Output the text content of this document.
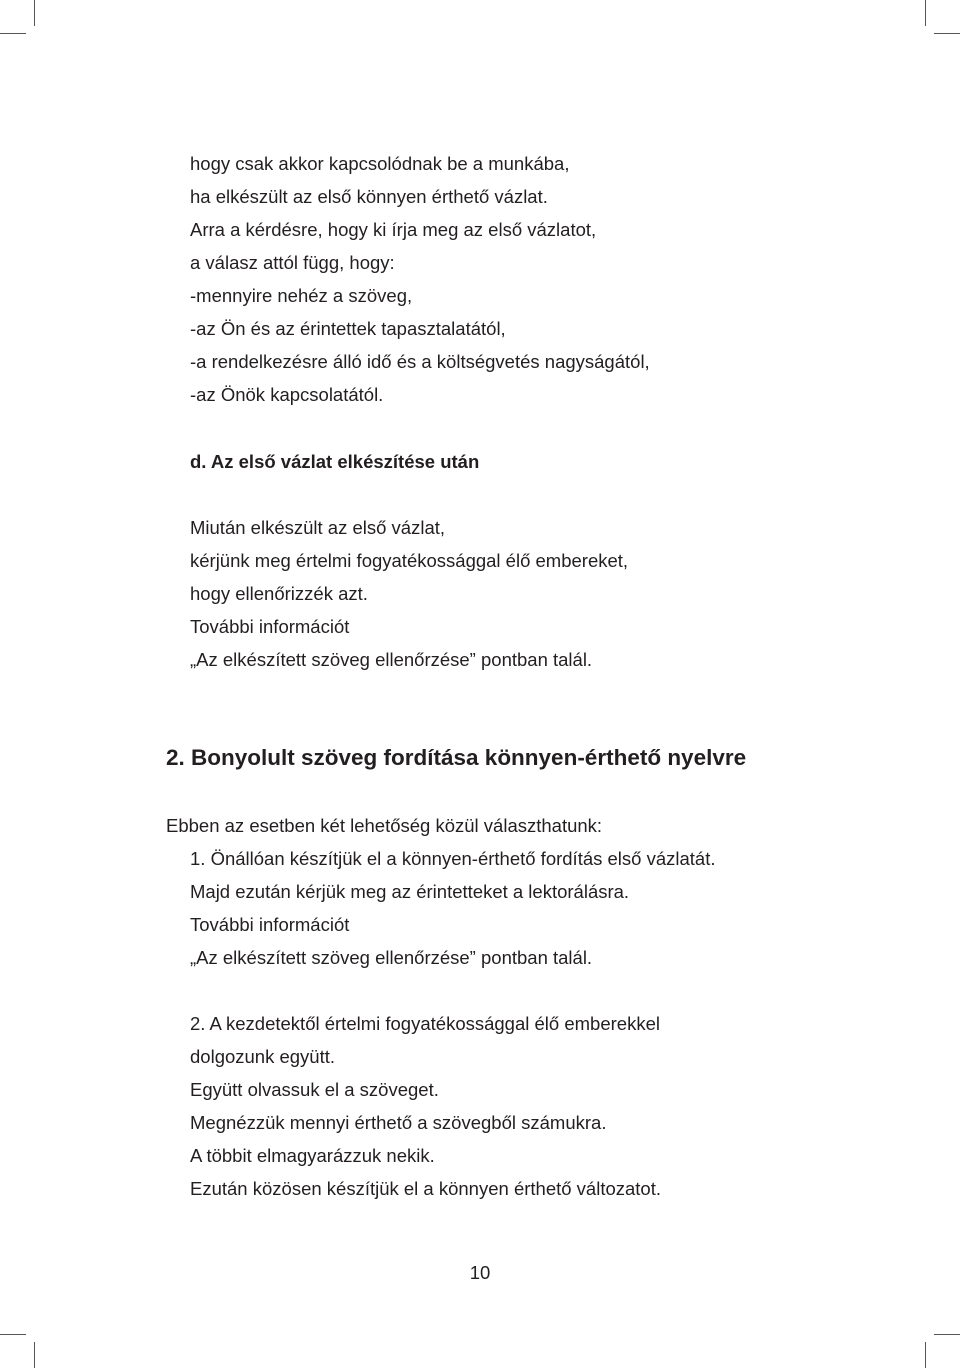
hogy csak akkor kapcsolódnak be a munkába,
ha elkészült az első könnyen érthető vázlat.
Arra a kérdésre, hogy ki írja meg az első vázlatot,
a válasz attól függ, hogy:
-mennyire nehéz a szöveg,
-az Ön és az érintettek tapasztalatától,
-a rendelkezésre álló idő és a költségvetés nagyságától,
-az Önök kapcsolatától.
d. Az első vázlat elkészítése után
Miután elkészült az első vázlat,
kérjünk meg értelmi fogyatékossággal élő embereket,
hogy ellenőrizzék azt.
További információt
„Az elkészített szöveg ellenőrzése” pontban talál.
2. Bonyolult szöveg fordítása könnyen-érthető nyelvre
Ebben az esetben két lehetőség közül választhatunk:
1. Önállóan készítjük el a könnyen-érthető fordítás első vázlatát.
Majd ezután kérjük meg az érintetteket a lektorálásra.
További információt
„Az elkészített szöveg ellenőrzése” pontban talál.
2. A kezdetektől értelmi fogyatékossággal élő emberekkel
dolgozunk együtt.
Együtt olvassuk el a szöveget.
Megnézzük mennyi érthető a szövegből számukra.
A többit elmagyarázzuk nekik.
Ezután közösen készítjük el a könnyen érthető változatot.
10
